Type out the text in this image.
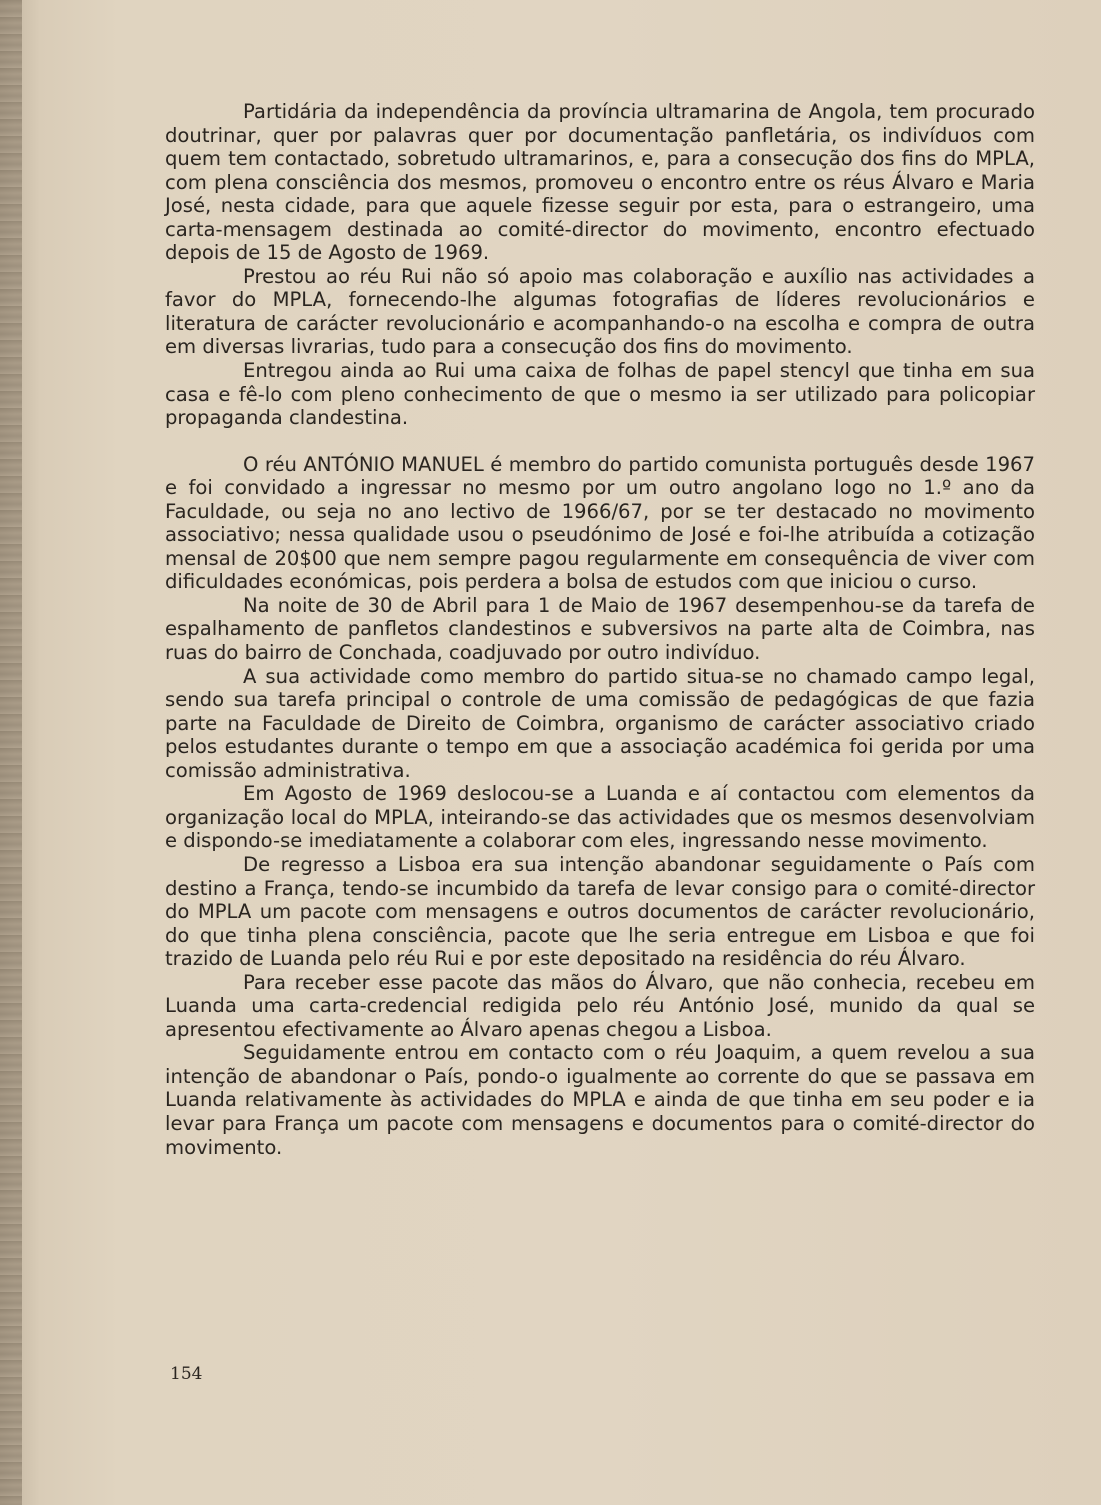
Partidária da independência da província ultramarina de Angola, tem procurado doutrinar, quer por palavras quer por documentação panfletária, os indivíduos com quem tem contactado, sobretudo ultramarinos, e, para a consecução dos fins do MPLA, com plena consciência dos mesmos, promoveu o encontro entre os réus Álvaro e Maria José, nesta cidade, para que aquele fizesse seguir por esta, para o estrangeiro, uma carta-mensagem destinada ao comité-director do movimento, encontro efectuado depois de 15 de Agosto de 1969.

Prestou ao réu Rui não só apoio mas colaboração e auxílio nas actividades a favor do MPLA, fornecendo-lhe algumas fotografias de líderes revolucionários e literatura de carácter revolucionário e acompanhando-o na escolha e compra de outra em diversas livrarias, tudo para a consecução dos fins do movimento.

Entregou ainda ao Rui uma caixa de folhas de papel stencyl que tinha em sua casa e fê-lo com pleno conhecimento de que o mesmo ia ser utilizado para policopiar propaganda clandestina.

O réu ANTÓNIO MANUEL é membro do partido comunista português desde 1967 e foi convidado a ingressar no mesmo por um outro angolano logo no 1.º ano da Faculdade, ou seja no ano lectivo de 1966/67, por se ter destacado no movimento associativo; nessa qualidade usou o pseudónimo de José e foi-lhe atribuída a cotização mensal de 20$00 que nem sempre pagou regularmente em consequência de viver com dificuldades económicas, pois perdera a bolsa de estudos com que iniciou o curso.

Na noite de 30 de Abril para 1 de Maio de 1967 desempenhou-se da tarefa de espalhamento de panfletos clandestinos e subversivos na parte alta de Coimbra, nas ruas do bairro de Conchada, coadjuvado por outro indivíduo.

A sua actividade como membro do partido situa-se no chamado campo legal, sendo sua tarefa principal o controle de uma comissão de pedagógicas de que fazia parte na Faculdade de Direito de Coimbra, organismo de carácter associativo criado pelos estudantes durante o tempo em que a associação académica foi gerida por uma comissão administrativa.

Em Agosto de 1969 deslocou-se a Luanda e aí contactou com elementos da organização local do MPLA, inteirando-se das actividades que os mesmos desenvolviam e dispondo-se imediatamente a colaborar com eles, ingressando nesse movimento.

De regresso a Lisboa era sua intenção abandonar seguidamente o País com destino a França, tendo-se incumbido da tarefa de levar consigo para o comité-director do MPLA um pacote com mensagens e outros documentos de carácter revolucionário, do que tinha plena consciência, pacote que lhe seria entregue em Lisboa e que foi trazido de Luanda pelo réu Rui e por este depositado na residência do réu Álvaro.

Para receber esse pacote das mãos do Álvaro, que não conhecia, recebeu em Luanda uma carta-credencial redigida pelo réu António José, munido da qual se apresentou efectivamente ao Álvaro apenas chegou a Lisboa.

Seguidamente entrou em contacto com o réu Joaquim, a quem revelou a sua intenção de abandonar o País, pondo-o igualmente ao corrente do que se passava em Luanda relativamente às actividades do MPLA e ainda de que tinha em seu poder e ia levar para França um pacote com mensagens e documentos para o comité-director do movimento.

154
